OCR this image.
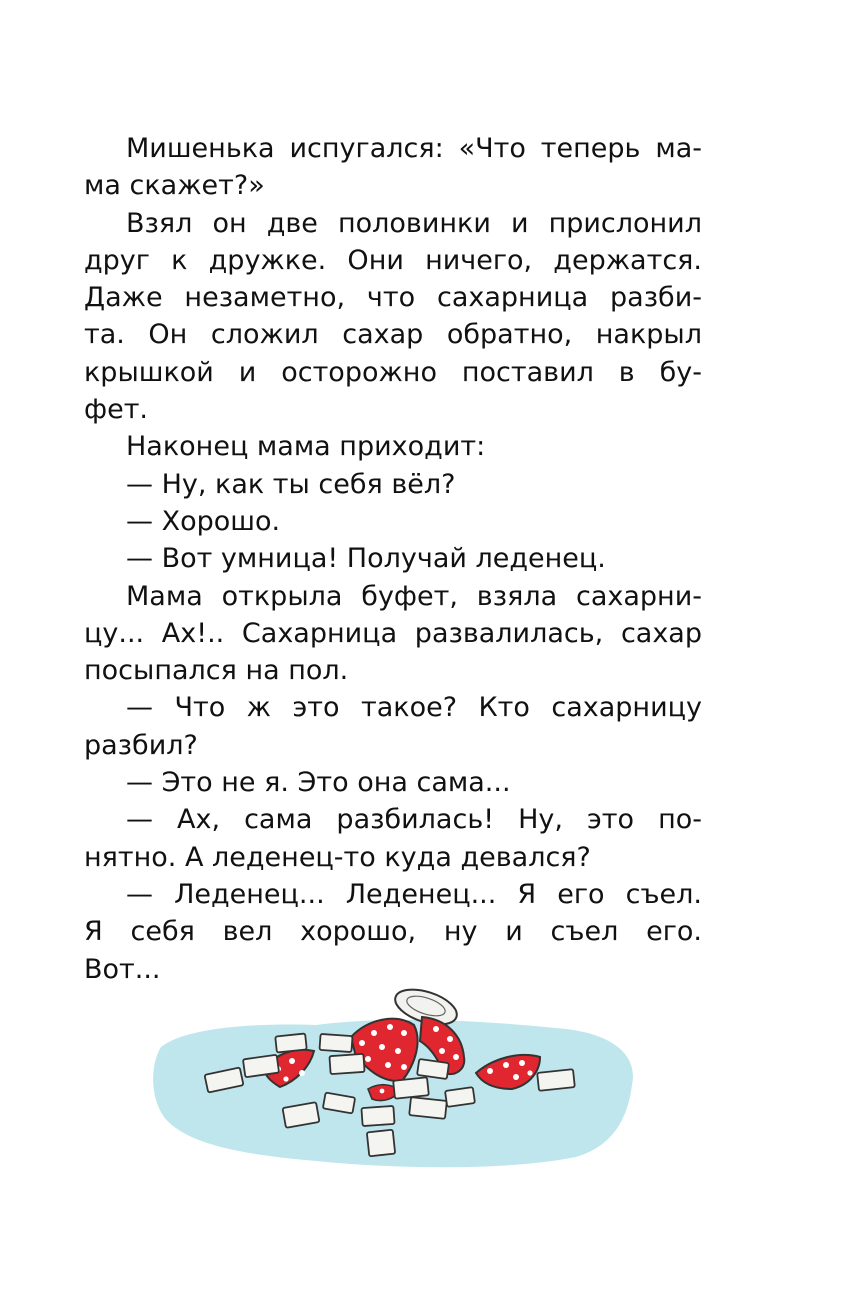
Мишенька испугался: «Что теперь ма-
ма скажет?»
Взял он две половинки и прислонил
друг к дружке. Они ничего, держатся.
Даже незаметно, что сахарница разби-
та. Он сложил сахар обратно, накрыл
крышкой и осторожно поставил в бу-
фет.
Наконец мама приходит:
— Ну, как ты себя вёл?
— Хорошо.
— Вот умница! Получай леденец.
Мама открыла буфет, взяла сахарни-
цу... Ах!.. Сахарница развалилась, сахар
посыпался на пол.
— Что ж это такое? Кто сахарницу
разбил?
— Это не я. Это она сама...
— Ах, сама разбилась! Ну, это по-
нятно. А леденец-то куда девался?
— Леденец... Леденец... Я его съел.
Я себя вел хорошо, ну и съел его.
Вот...
